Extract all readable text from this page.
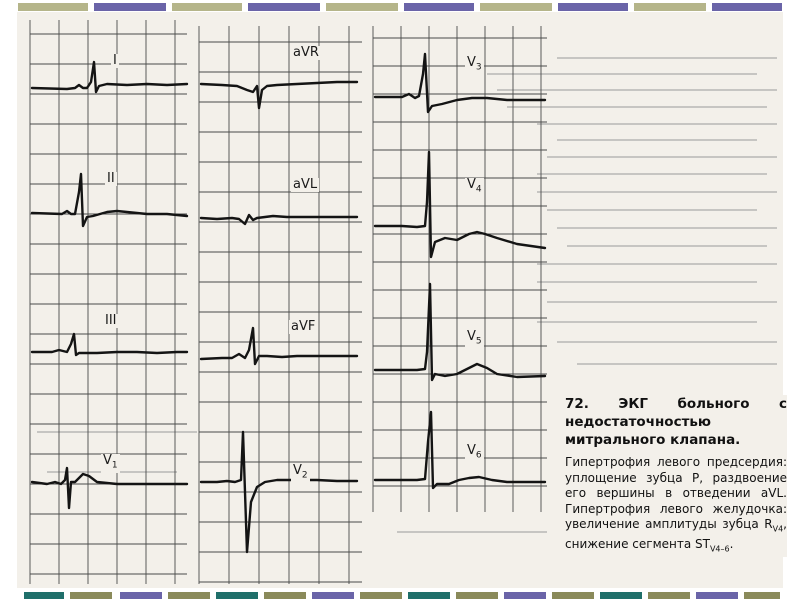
I
II
III
$V_1$
aVR
aVL
aVF
$V_2$
$V_3$
$V_4$
$V_5$
$V_6$

72. ЭКГ больного с недостаточностью митрального клапана.

Гипертрофия левого предсердия: уплощение зубца P, раздвоение его вершины в отведении aVL. Гипертрофия левого желудочка: увеличение амплитуды зубца $R_{V4}$, снижение сегмента $ST_{V4-6}$.
